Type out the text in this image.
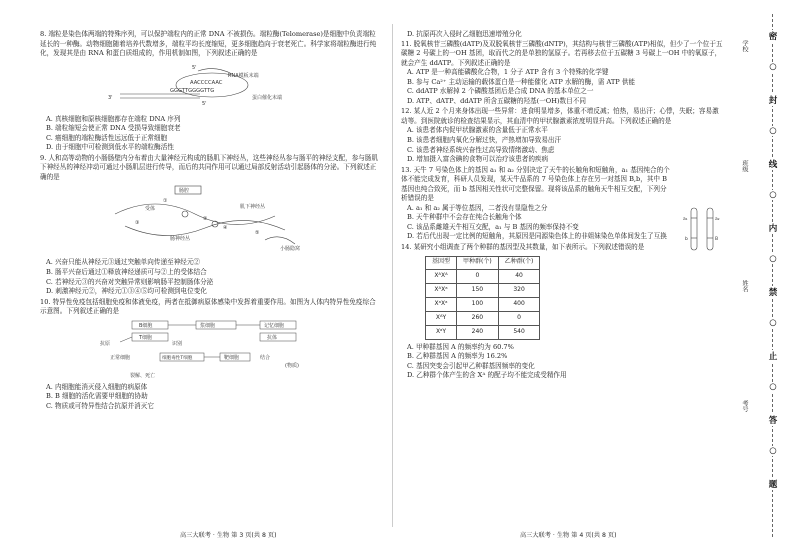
8. 端粒是染色体两端的特殊序列，可以保护端粒内的正常 DNA 不被损伤。端粒酶(Telomerase)是细胞中负责端粒延长的一种酶。动物细胞随着培养代数增多，端粒平均长度缩短，更多细胞趋向于衰老死亡。科学家将端粒酶进行纯化，发现其是由 RNA 和蛋白质组成的，作用机制如图，下列叙述正确的是

5'
RNA模板末端
AACCCCAAC
GGGTTGGGGTTG
3'
5'
蛋白催化末端

A. 真核细胞和原核细胞都存在端粒 DNA 序列

B. 端粒缩短会使正常 DNA 受损导致细胞衰老

C. 癌细胞的端粒酶活性远远低于正常细胞

D. 由于细胞中可检测到低水平的端粒酶活性

9. 人和高等动物的小肠肠壁内分布着由大量神经元构成的肠肌下神经丛，这些神经丛参与肠平的神经支配，参与肠肌下神经丛的神经冲动可通过小肠肌层进行传导，而后的共同作用可以通过局部反射活动引起肠体的分泌。下列叙述正确的是

肠腔
受体	肌下神经丛
肠神经丛
小肠隐窝
①
②
③
④
⑤

A. 兴奋只能从神经元③通过突触单向传递至神经元②

B. 肠平兴奋后通过①释放神经递质可与②上的受体结合

C. 若神经元③的兴奋对突触异常则影响肠平控制肠体分泌

D. 刺激神经元②，神经元①③④⑤均可检测到电位变化

10. 特异性免疫包括细胞免疫和体液免疫，两者在抵御病原体感染中发挥着重要作用。如图为人体内特异性免疫综合示意图。下列叙述正确的是

抗原
B细胞
T细胞
浆细胞	记忆细胞
抗体
识别
正常细胞	细胞毒性T细胞	靶细胞	结合
(物质)
裂解、死亡

A. 内细胞能消灭侵入细胞的病原体

B. B 细胞的活化需要甲细胞的协助

C. 物质或可特异性结合抗原并消灭它

D. 抗原再次入侵时乙细胞迅速增殖分化

11. 脱氧核苷三磷酸(dATP)及双脱氧核苷三磷酸(dNTP)，其结构与核苷三磷酸(ATP)相似，但少了一个位于五碳糖 2 号碳上的一OH 基团，取而代之的是单独的氢原子。若再移去位于五碳糖 3 号碳上一OH 中的氧原子，就会产生 ddATP。下列叙述正确的是

A. ATP 是一种高能磷酸化合物，1 分子 ATP 含有 3 个特殊的化学键

B. 参与 Ca²⁺ 主动运输的载体蛋白是一种能催化 ATP 水解的酶，需 ATP 供能

C. ddATP 水解掉 2 个磷酸基团后是合成 DNA 的基本单位之一

D. ATP、dATP、ddATP 所含五碳糖的羟基(一OH)数目不同

12. 某人近 2 个月来身体出现一些异常：进食明显增多，体重不增反减；怕热，易出汗；心悸，失眠；容易激动等。到医院就诊的检查结果显示，其血清中的甲状腺激素浓度明显升高。下列叙述正确的是

A. 该患者体内促甲状腺激素的含量低于正常水平

B. 该患者细胞内氧化分解过快，产热增加导致易出汗

C. 该患者神经系统兴奋性过高导致情绪激动、焦虑

D. 增加摄入富含碘的食物可以治疗该患者的疾病

13. 天牛 7 号染色体上的基因 a₁ 和 a₂ 分别决定了天牛的长触角和短触角，a₁ 基因纯合的个体不能完成发育，科研人员发现，某天牛品系的 7 号染色体上存在另一对基因 B,b，其中 B 基因也纯合致死，而 b 基因相关性状可完整保留。现将该品系的触角天牛相互交配，下列分析错误的是

a₁	a₂
b	B

A. a₁ 和 a₂ 属于等位基因，二者没有显隐性之分

B. 天牛种群中不会存在纯合长触角个体

C. 该品系雌雄天牛相互交配，a₁ 与 B 基因的频率保持不变

D. 若后代出现一定比例的短触角，其原因是同源染色体上的非姐妹染色单体间发生了互换

14. 某研究小组调查了两个种群的基因型及其数量，如下表所示。下列叙述错误的是

基因型	甲种群(个)	乙种群(个)
XᴬXᴬ	0	40
XᴬXᵃ	150	320
XᵃXᵃ	100	400
XᴬY	260	0
XᵃY	240	540

A. 甲种群基因 A 的频率约为 60.7%

B. 乙种群基因 A 的频率为 16.2%

C. 基因突变会引起甲乙种群基因频率的变化

D. 乙种群个体产生的含 Xᴬ 的配子均不能完成受精作用

高三大联考 · 生物 第 3 页(共 8 页)	高三大联考 · 生物 第 4 页(共 8 页)
密
○
封
○
线
○
内
○
禁
○
止
○
答
○
题
学校
班级
姓名
考号
